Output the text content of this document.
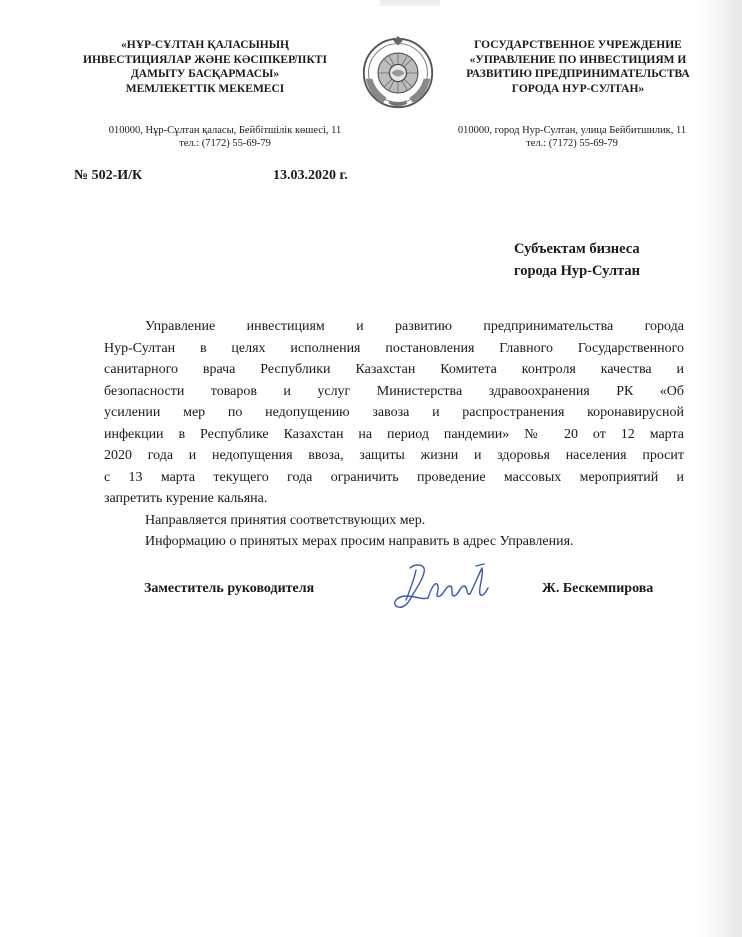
«НҰР-СҰЛТАН ҚАЛАСЫНЫҢ
ИНВЕСТИЦИЯЛАР ЖӘНЕ КӘСІПКЕРЛІКТІ
ДАМЫТУ БАСҚАРМАСЫ»
МЕМЛЕКЕТТІК МЕКЕМЕСІ
ГОСУДАРСТВЕННОЕ УЧРЕЖДЕНИЕ
«УПРАВЛЕНИЕ ПО ИНВЕСТИЦИЯМ И
РАЗВИТИЮ ПРЕДПРИНИМАТЕЛЬСТВА
ГОРОДА НУР-СУЛТАН»
010000, Нұр-Сұлтан қаласы, Бейбітшілік көшесі, 11
тел.: (7172) 55-69-79
010000, город Нур-Султан, улица Бейбитшилик, 11
тел.: (7172) 55-69-79
№ 502-И/К	13.03.2020 г.
Субъектам бизнеса
города Нур-Султан
Управление инвестициям и развитию предпринимательства города
Нур-Султан в целях исполнения постановления Главного Государственного
санитарного врача Республики Казахстан Комитета контроля качества и
безопасности товаров и услуг Министерства здравоохранения РК «Об
усилении мер по недопущению завоза и распространения коронавирусной
инфекции в Республике Казахстан на период пандемии» № 20 от 12 марта
2020 года и недопущения ввоза, защиты жизни и здоровья населения просит
с 13 марта текущего года ограничить проведение массовых мероприятий и
запретить курение кальяна.
Направляется принятия соответствующих мер.
Информацию о принятых мерах просим направить в адрес Управления.
Заместитель руководителя	Ж. Бескемпирова
